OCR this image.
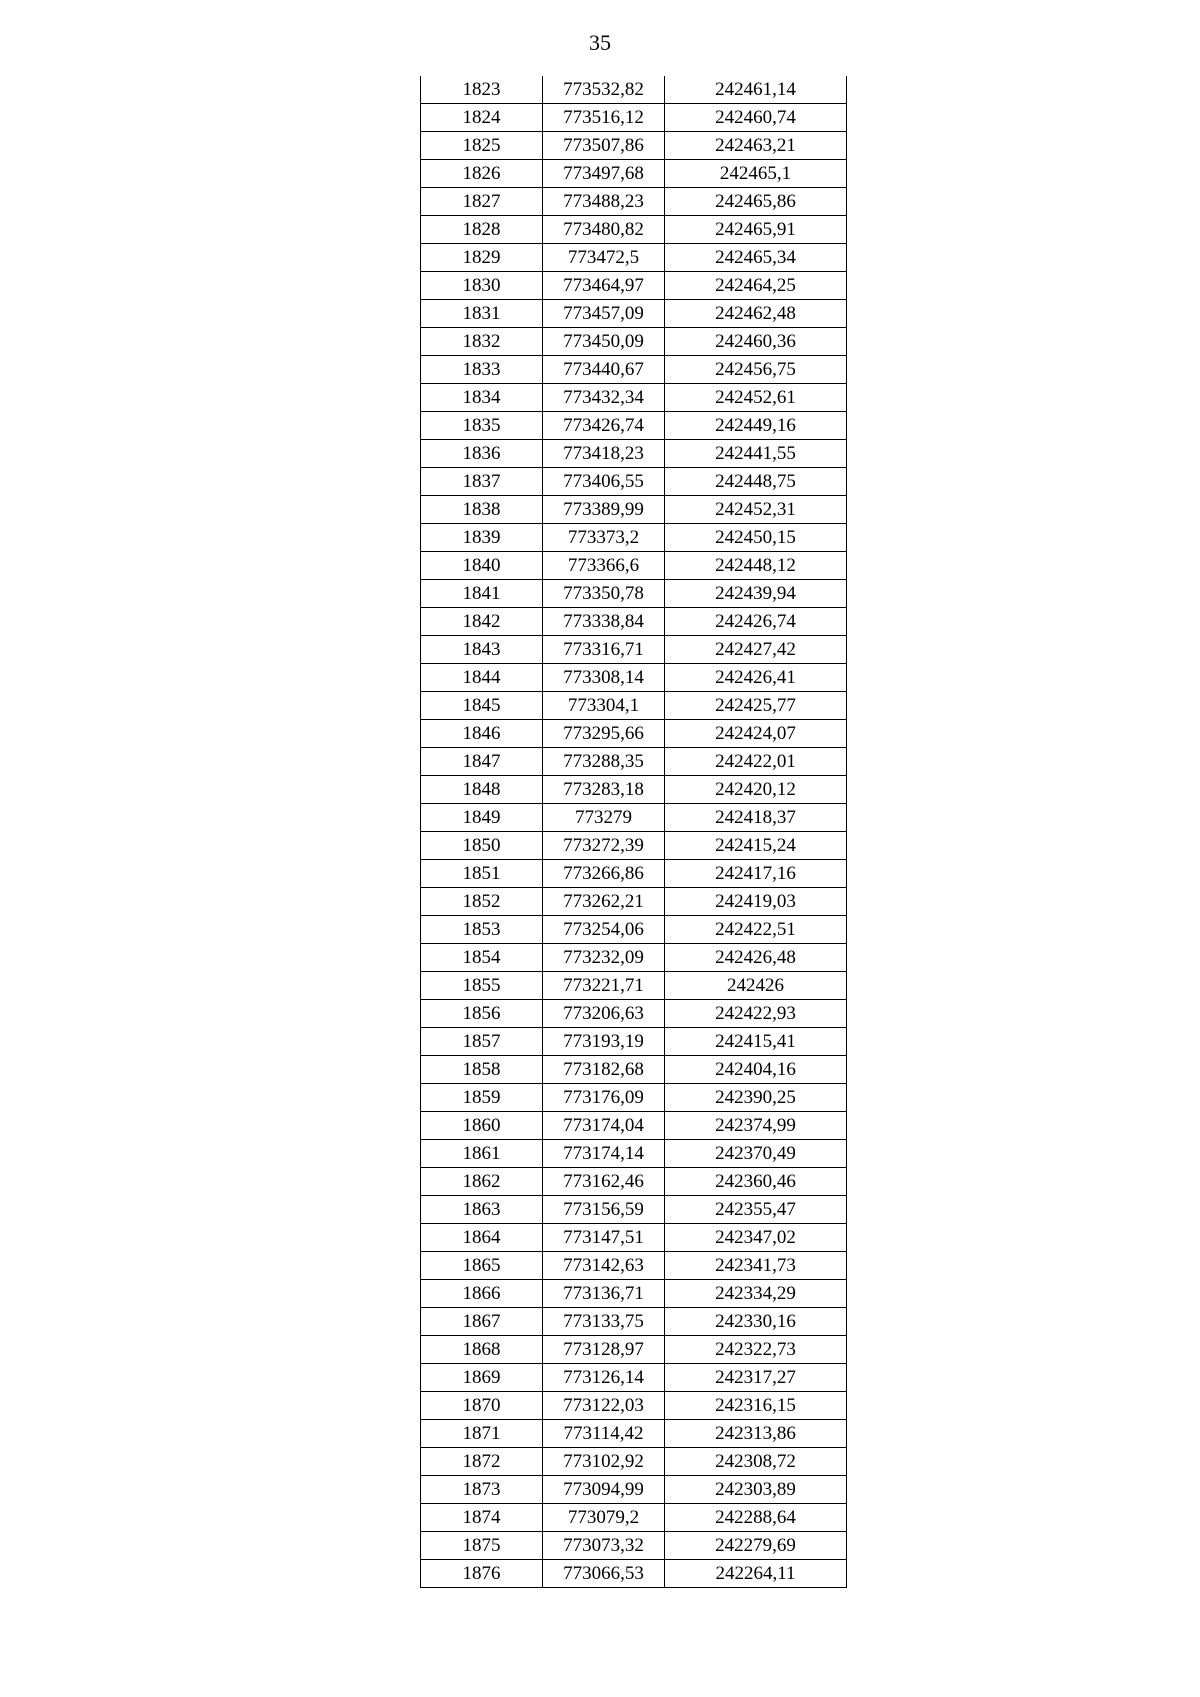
35
1823	773532,82	242461,14
1824	773516,12	242460,74
1825	773507,86	242463,21
1826	773497,68	242465,1
1827	773488,23	242465,86
1828	773480,82	242465,91
1829	773472,5	242465,34
1830	773464,97	242464,25
1831	773457,09	242462,48
1832	773450,09	242460,36
1833	773440,67	242456,75
1834	773432,34	242452,61
1835	773426,74	242449,16
1836	773418,23	242441,55
1837	773406,55	242448,75
1838	773389,99	242452,31
1839	773373,2	242450,15
1840	773366,6	242448,12
1841	773350,78	242439,94
1842	773338,84	242426,74
1843	773316,71	242427,42
1844	773308,14	242426,41
1845	773304,1	242425,77
1846	773295,66	242424,07
1847	773288,35	242422,01
1848	773283,18	242420,12
1849	773279	242418,37
1850	773272,39	242415,24
1851	773266,86	242417,16
1852	773262,21	242419,03
1853	773254,06	242422,51
1854	773232,09	242426,48
1855	773221,71	242426
1856	773206,63	242422,93
1857	773193,19	242415,41
1858	773182,68	242404,16
1859	773176,09	242390,25
1860	773174,04	242374,99
1861	773174,14	242370,49
1862	773162,46	242360,46
1863	773156,59	242355,47
1864	773147,51	242347,02
1865	773142,63	242341,73
1866	773136,71	242334,29
1867	773133,75	242330,16
1868	773128,97	242322,73
1869	773126,14	242317,27
1870	773122,03	242316,15
1871	773114,42	242313,86
1872	773102,92	242308,72
1873	773094,99	242303,89
1874	773079,2	242288,64
1875	773073,32	242279,69
1876	773066,53	242264,11
